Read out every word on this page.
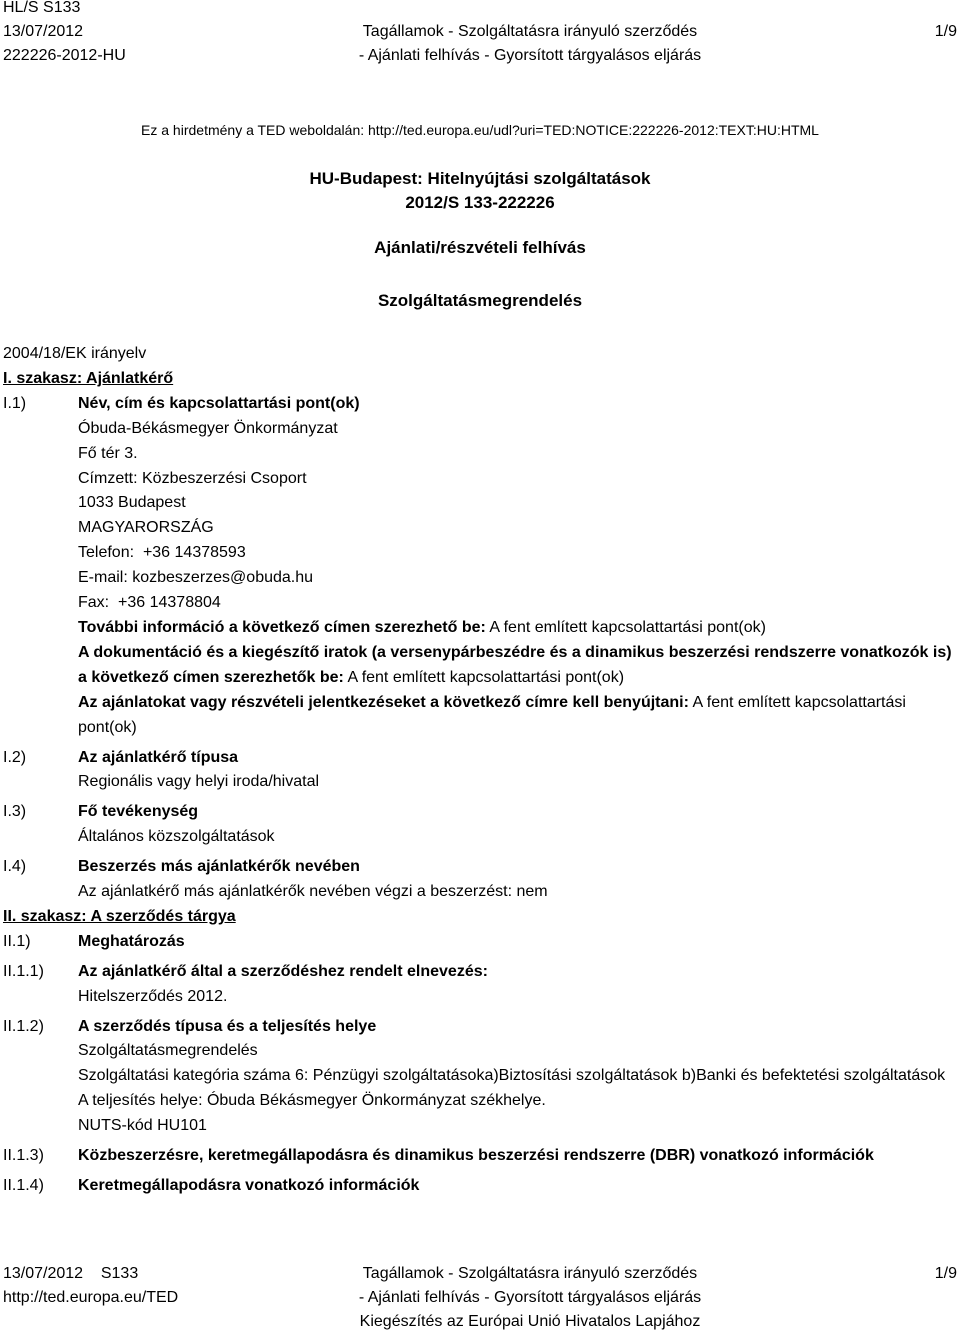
HL/S S133
13/07/2012
222226-2012-HU
Tagállamok - Szolgáltatásra irányuló szerződés
- Ajánlati felhívás - Gyorsított tárgyalásos eljárás
1/9
Ez a hirdetmény a TED weboldalán: http://ted.europa.eu/udl?uri=TED:NOTICE:222226-2012:TEXT:HU:HTML
HU-Budapest: Hitelnyújtási szolgáltatások
2012/S 133-222226
Ajánlati/részvételi felhívás
Szolgáltatásmegrendelés
2004/18/EK irányelv
I. szakasz: Ajánlatkérő
I.1)	Név, cím és kapcsolattartási pont(ok)
Óbuda-Békásmegyer Önkormányzat
Fő tér 3.
Címzett: Közbeszerzési Csoport
1033 Budapest
MAGYARORSZÁG
Telefon: +36 14378593
E-mail: kozbeszerzes@obuda.hu
Fax: +36 14378804
További információ a következő címen szerezhető be: A fent említett kapcsolattartási pont(ok)
A dokumentáció és a kiegészítő iratok (a versenypárbeszédre és a dinamikus beszerzési rendszerre vonatkozók is) a következő címen szerezhetők be: A fent említett kapcsolattartási pont(ok)
Az ajánlatokat vagy részvételi jelentkezéseket a következő címre kell benyújtani: A fent említett kapcsolattartási pont(ok)
I.2)	Az ajánlatkérő típusa
Regionális vagy helyi iroda/hivatal
I.3)	Fő tevékenység
Általános közszolgáltatások
I.4)	Beszerzés más ajánlatkérők nevében
Az ajánlatkérő más ajánlatkérők nevében végzi a beszerzést: nem
II. szakasz: A szerződés tárgya
II.1)	Meghatározás
II.1.1)	Az ajánlatkérő által a szerződéshez rendelt elnevezés:
Hitelszerződés 2012.
II.1.2)	A szerződés típusa és a teljesítés helye
Szolgáltatásmegrendelés
Szolgáltatási kategória száma 6: Pénzügyi szolgáltatásoka)Biztosítási szolgáltatások b)Banki és befektetési szolgáltatások
A teljesítés helye: Óbuda Békásmegyer Önkormányzat székhelye.
NUTS-kód HU101
II.1.3)	Közbeszerzésre, keretmegállapodásra és dinamikus beszerzési rendszerre (DBR) vonatkozó információk
II.1.4)	Keretmegállapodásra vonatkozó információk
13/07/2012 S133
http://ted.europa.eu/TED
Tagállamok - Szolgáltatásra irányuló szerződés
- Ajánlati felhívás - Gyorsított tárgyalásos eljárás
Kiegészítés az Európai Unió Hivatalos Lapjához
1/9
